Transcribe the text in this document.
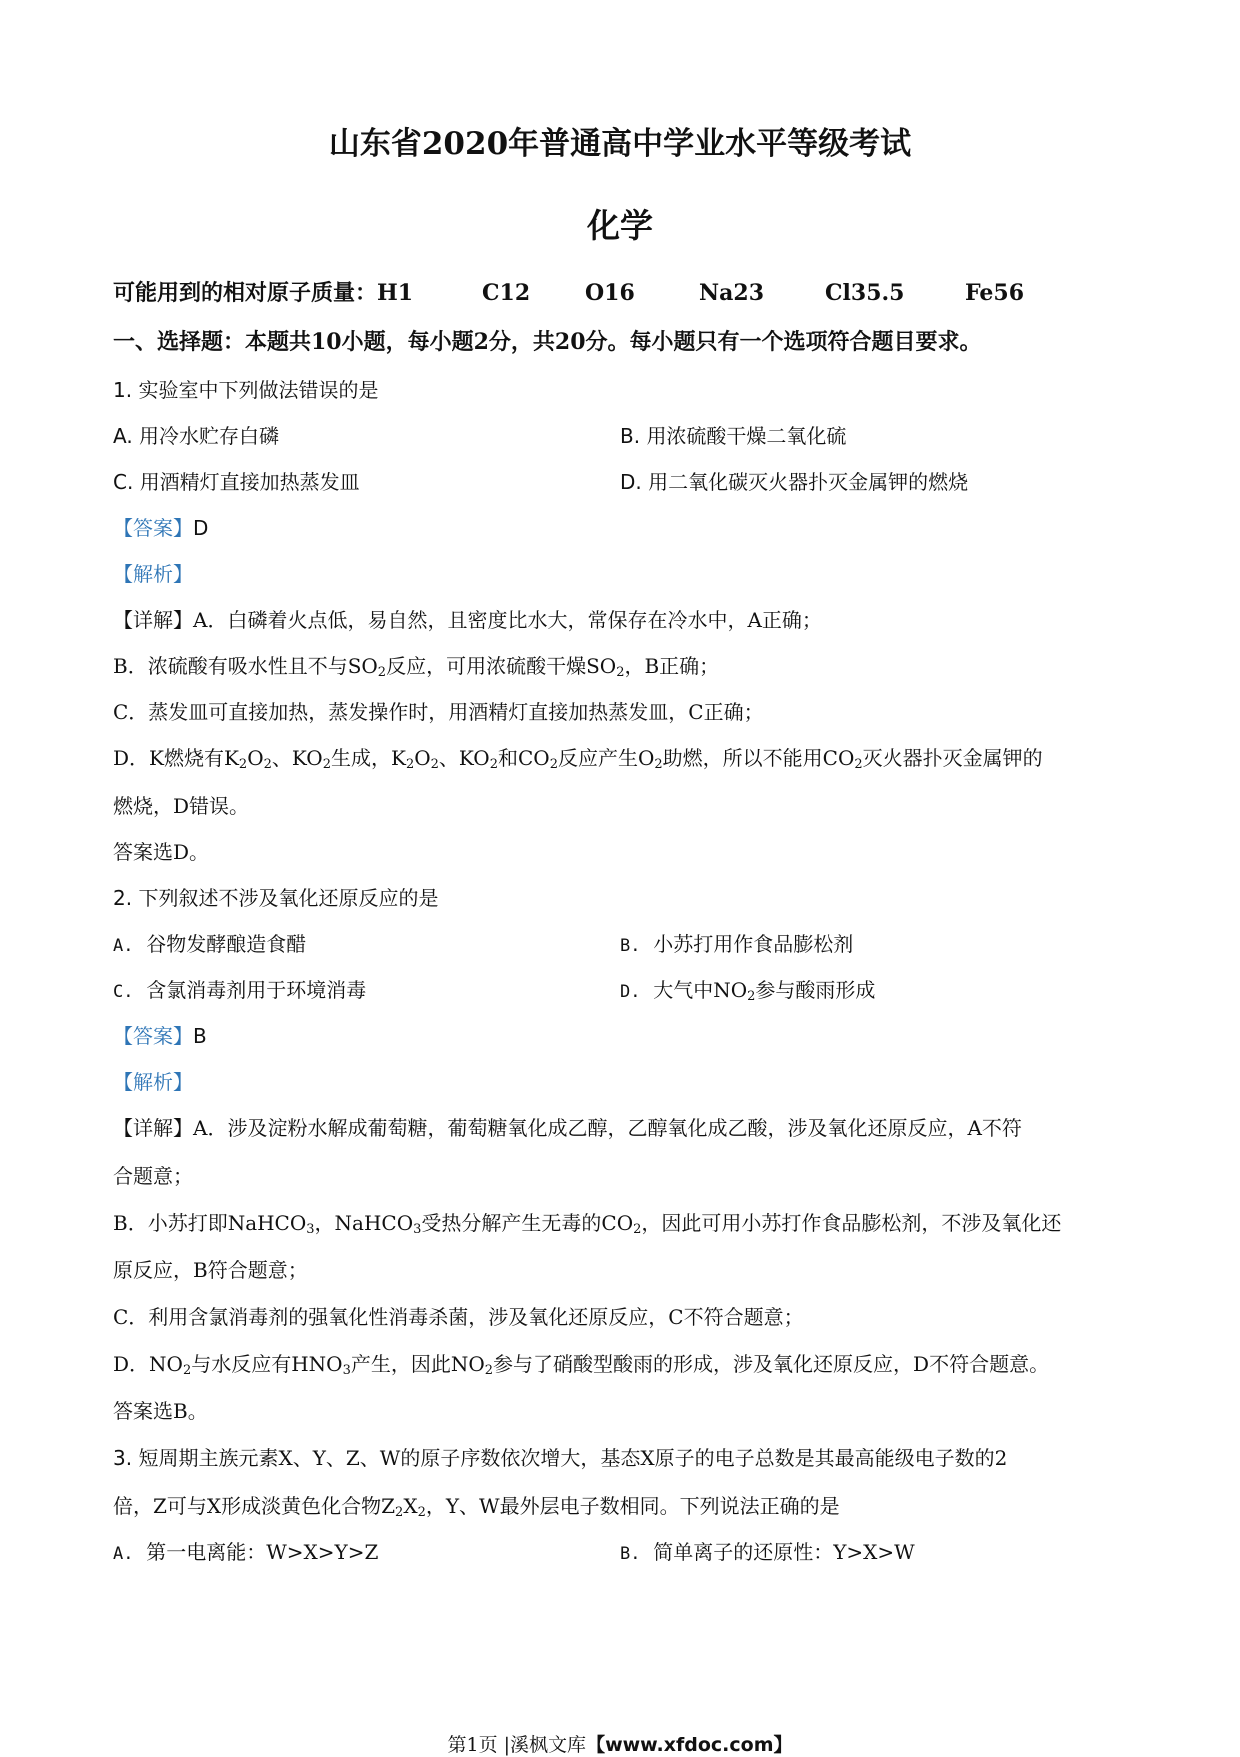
山东省2020年普通高中学业水平等级考试
化学
可能用到的相对原子质量：H1	C12 O16	Na23	Cl35.5	Fe56
一、选择题：本题共10小题，每小题2分，共20分。每小题只有一个选项符合题目要求。
1. 实验室中下列做法错误的是
A. 用冷水贮存白磷	B. 用浓硫酸干燥二氧化硫
C. 用酒精灯直接加热蒸发皿	D. 用二氧化碳灭火器扑灭金属钾的燃烧
【答案】D
【解析】
【详解】A．白磷着火点低，易自然，且密度比水大，常保存在冷水中，A正确；
B．浓硫酸有吸水性且不与$SO_2$反应，可用浓硫酸干燥$SO_2$，B正确；
C．蒸发皿可直接加热，蒸发操作时，用酒精灯直接加热蒸发皿，C正确；
D．K燃烧有$K_2O_2$、$KO_2$生成，$K_2O_2$、$KO_2$和$CO_2$反应产生$O_2$助燃，所以不能用$CO_2$灭火器扑灭金属钾的
燃烧，D错误。
答案选D。
2. 下列叙述不涉及氧化还原反应的是
A. 谷物发酵酿造食醋	B. 小苏打用作食品膨松剂
C. 含氯消毒剂用于环境消毒	D. 大气中$NO_2$参与酸雨形成
【答案】B
【解析】
【详解】A．涉及淀粉水解成葡萄糖，葡萄糖氧化成乙醇，乙醇氧化成乙酸，涉及氧化还原反应，A不符
合题意；
B．小苏打即NaHCO$_3$，NaHCO$_3$受热分解产生无毒的$CO_2$，因此可用小苏打作食品膨松剂，不涉及氧化还
原反应，B符合题意；
C．利用含氯消毒剂的强氧化性消毒杀菌，涉及氧化还原反应，C不符合题意；
D．$NO_2$与水反应有$HNO_3$产生，因此$NO_2$参与了硝酸型酸雨的形成，涉及氧化还原反应，D不符合题意。
答案选B。
3. 短周期主族元素X、Y、Z、W的原子序数依次增大，基态X原子的电子总数是其最高能级电子数的2
倍，Z可与X形成淡黄色化合物$Z_2X_2$，Y、W最外层电子数相同。下列说法正确的是
A. 第一电离能：W>X>Y>Z	B. 简单离子的还原性：Y>X>W
第1页 |溪枫文库【www.xfdoc.com】
